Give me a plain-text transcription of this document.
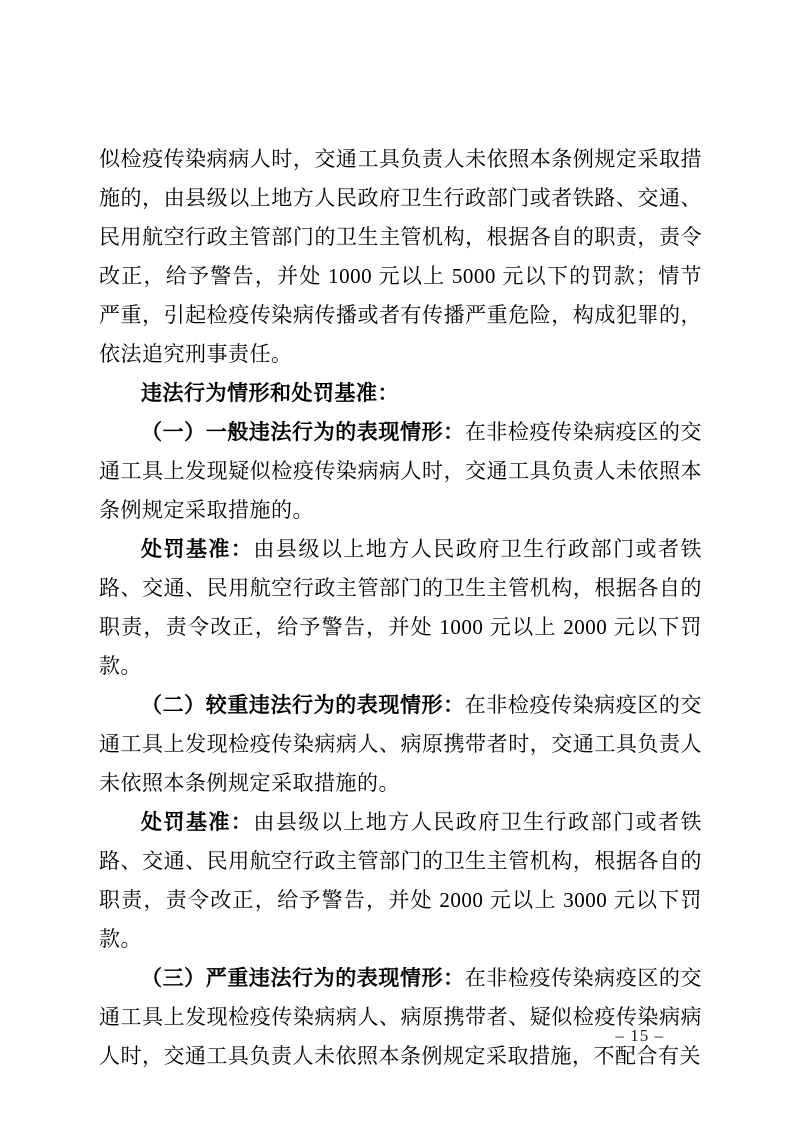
似检疫传染病病人时，交通工具负责人未依照本条例规定采取措施的，由县级以上地方人民政府卫生行政部门或者铁路、交通、民用航空行政主管部门的卫生主管机构，根据各自的职责，责令改正，给予警告，并处 1000 元以上 5000 元以下的罚款；情节严重，引起检疫传染病传播或者有传播严重危险，构成犯罪的，依法追究刑事责任。

违法行为情形和处罚基准：

（一）一般违法行为的表现情形：在非检疫传染病疫区的交通工具上发现疑似检疫传染病病人时，交通工具负责人未依照本条例规定采取措施的。

处罚基准：由县级以上地方人民政府卫生行政部门或者铁路、交通、民用航空行政主管部门的卫生主管机构，根据各自的职责，责令改正，给予警告，并处 1000 元以上 2000 元以下罚款。

（二）较重违法行为的表现情形：在非检疫传染病疫区的交通工具上发现检疫传染病病人、病原携带者时，交通工具负责人未依照本条例规定采取措施的。

处罚基准：由县级以上地方人民政府卫生行政部门或者铁路、交通、民用航空行政主管部门的卫生主管机构，根据各自的职责，责令改正，给予警告，并处 2000 元以上 3000 元以下罚款。

（三）严重违法行为的表现情形：在非检疫传染病疫区的交通工具上发现检疫传染病病人、病原携带者、疑似检疫传染病病人时，交通工具负责人未依照本条例规定采取措施，不配合有关

– 15 –
